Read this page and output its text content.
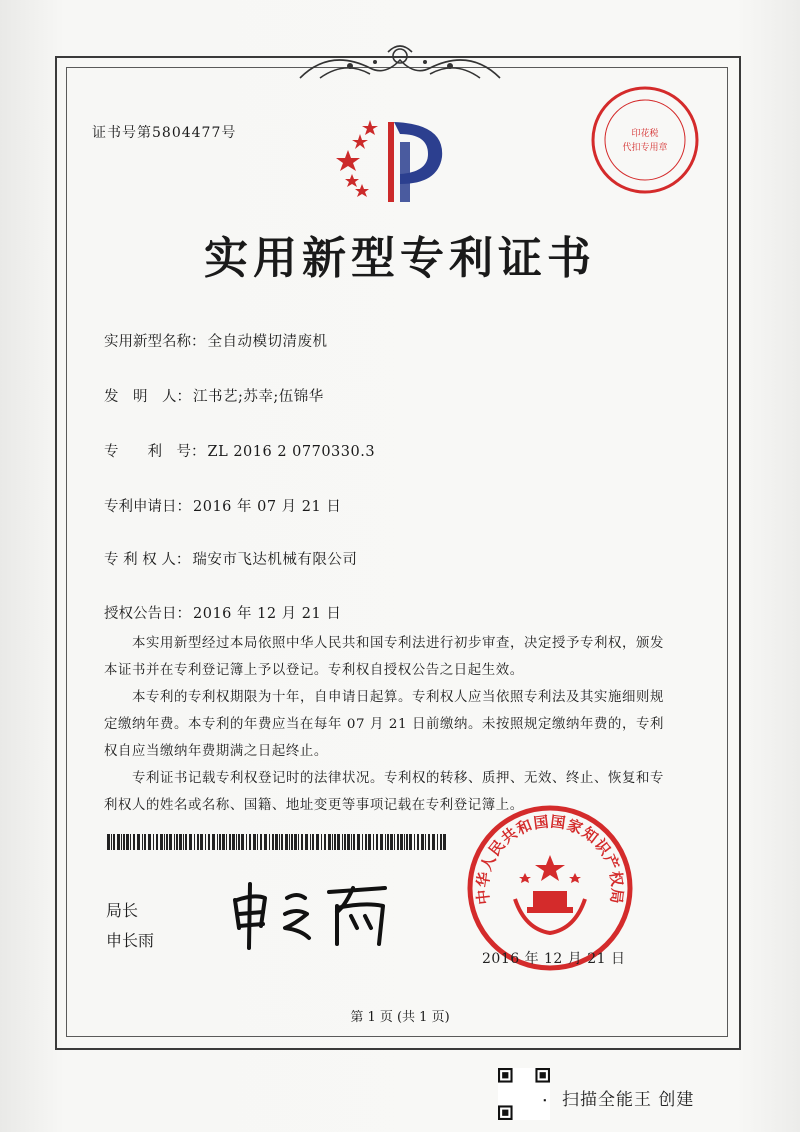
证书号第5804477号	印花税
代扣专用章
实用新型专利证书
实用新型名称： 全自动模切清废机
发　明　人： 江书艺;苏幸;伍锦华
专　　利　号： ZL 2016 2 0770330.3
专利申请日： 2016 年 07 月 21 日
专 利 权 人： 瑞安市飞达机械有限公司
授权公告日： 2016 年 12 月 21 日
本实用新型经过本局依照中华人民共和国专利法进行初步审查，决定授予专利权，颁发本证书并在专利登记簿上予以登记。专利权自授权公告之日起生效。
本专利的专利权期限为十年，自申请日起算。专利权人应当依照专利法及其实施细则规定缴纳年费。本专利的年费应当在每年 07 月 21 日前缴纳。未按照规定缴纳年费的，专利权自应当缴纳年费期满之日起终止。
专利证书记载专利权登记时的法律状况。专利权的转移、质押、无效、终止、恢复和专利权人的姓名或名称、国籍、地址变更等事项记载在专利登记簿上。
局长
申长雨
中华人民共和国国家知识产权局
2016 年 12 月 21 日
第 1 页 (共 1 页)
扫描全能王 创建
